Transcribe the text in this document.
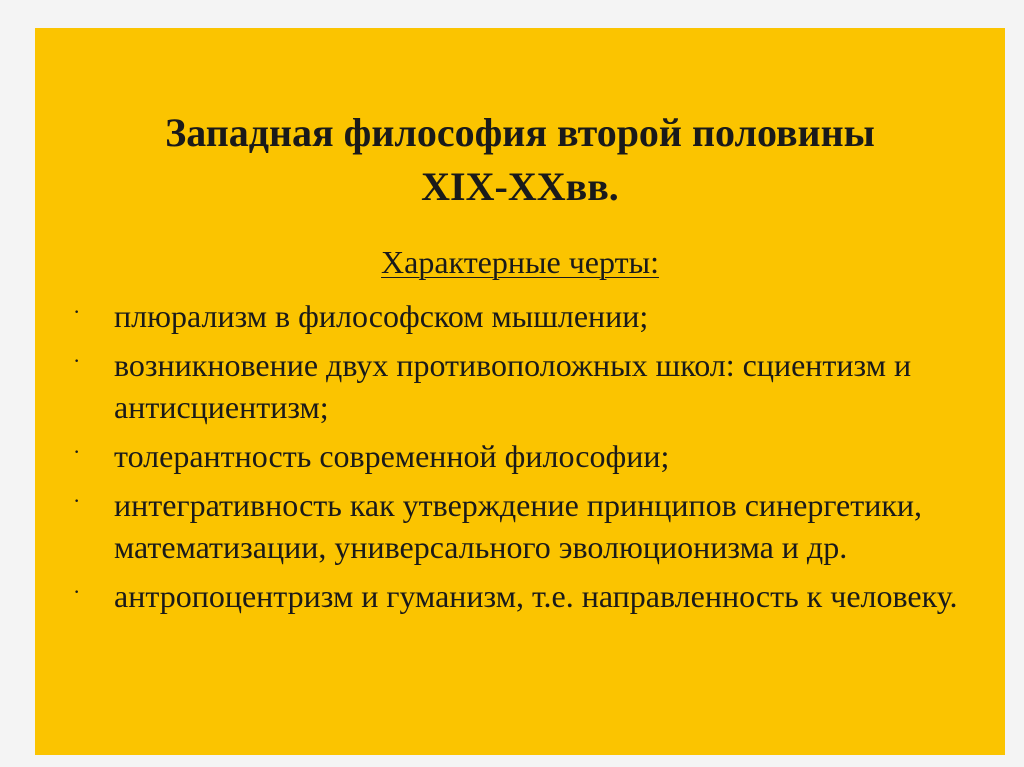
Западная философия второй половины
XIX-XXвв.
Характерные черты:
· плюрализм в философском мышлении;
· возникновение двух противоположных школ: сциентизм и антисциентизм;
· толерантность современной философии;
· интегративность как утверждение принципов синергетики, математизации, универсального эволюционизма и др.
· антропоцентризм и гуманизм, т.е. направленность к человеку.
